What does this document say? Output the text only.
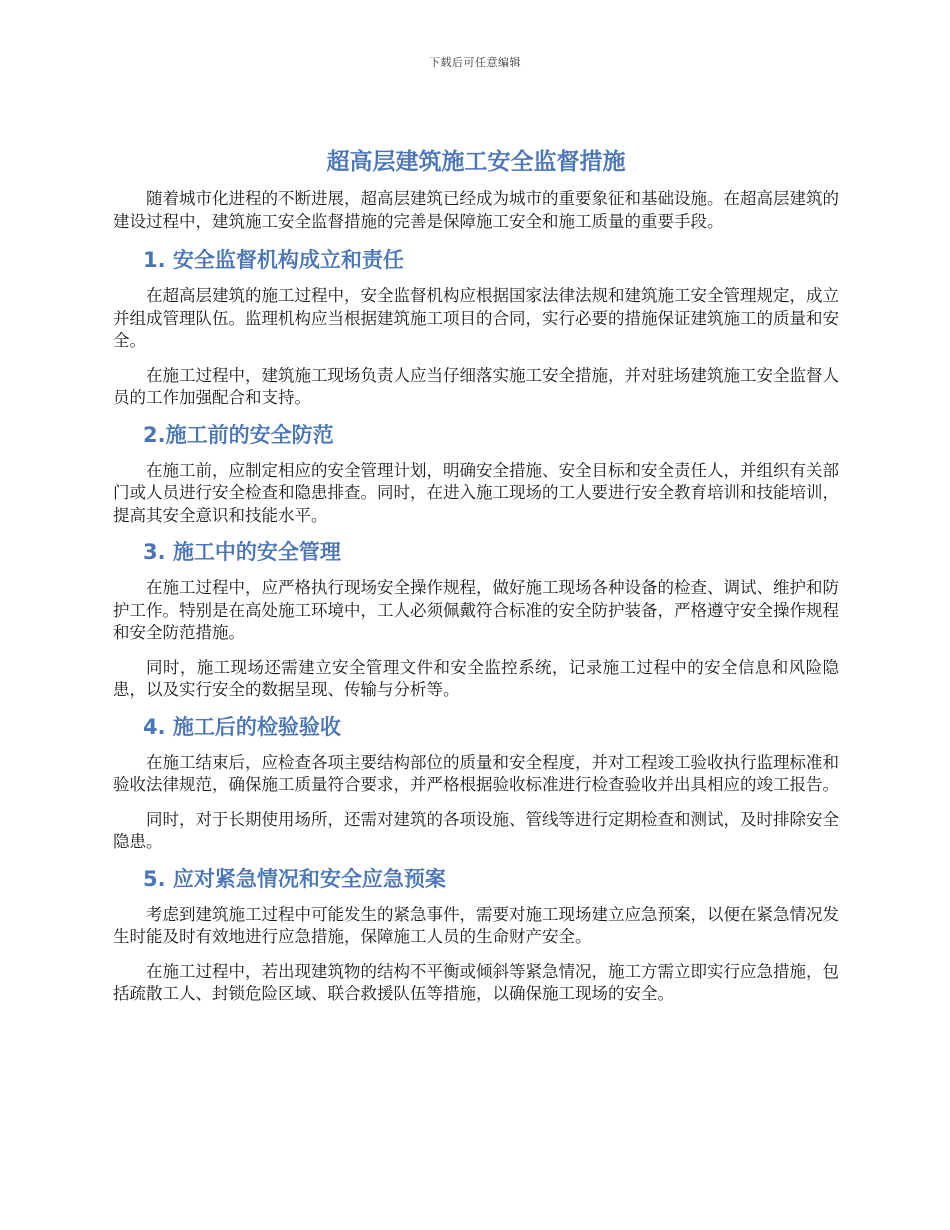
下载后可任意编辑
超高层建筑施工安全监督措施

随着城市化进程的不断进展，超高层建筑已经成为城市的重要象征和基础设施。在超高层建筑的建设过程中，建筑施工安全监督措施的完善是保障施工安全和施工质量的重要手段。

1. 安全监督机构成立和责任

在超高层建筑的施工过程中，安全监督机构应根据国家法律法规和建筑施工安全管理规定，成立并组成管理队伍。监理机构应当根据建筑施工项目的合同，实行必要的措施保证建筑施工的质量和安全。

在施工过程中，建筑施工现场负责人应当仔细落实施工安全措施，并对驻场建筑施工安全监督人员的工作加强配合和支持。

2.施工前的安全防范

在施工前，应制定相应的安全管理计划，明确安全措施、安全目标和安全责任人，并组织有关部门或人员进行安全检查和隐患排查。同时，在进入施工现场的工人要进行安全教育培训和技能培训，提高其安全意识和技能水平。

3. 施工中的安全管理

在施工过程中，应严格执行现场安全操作规程，做好施工现场各种设备的检查、调试、维护和防护工作。特别是在高处施工环境中，工人必须佩戴符合标准的安全防护装备，严格遵守安全操作规程和安全防范措施。

同时，施工现场还需建立安全管理文件和安全监控系统，记录施工过程中的安全信息和风险隐患，以及实行安全的数据呈现、传输与分析等。

4. 施工后的检验验收

在施工结束后，应检查各项主要结构部位的质量和安全程度，并对工程竣工验收执行监理标准和验收法律规范，确保施工质量符合要求，并严格根据验收标准进行检查验收并出具相应的竣工报告。

同时，对于长期使用场所，还需对建筑的各项设施、管线等进行定期检查和测试，及时排除安全隐患。

5. 应对紧急情况和安全应急预案

考虑到建筑施工过程中可能发生的紧急事件，需要对施工现场建立应急预案，以便在紧急情况发生时能及时有效地进行应急措施，保障施工人员的生命财产安全。

在施工过程中，若出现建筑物的结构不平衡或倾斜等紧急情况，施工方需立即实行应急措施，包括疏散工人、封锁危险区域、联合救援队伍等措施，以确保施工现场的安全。
